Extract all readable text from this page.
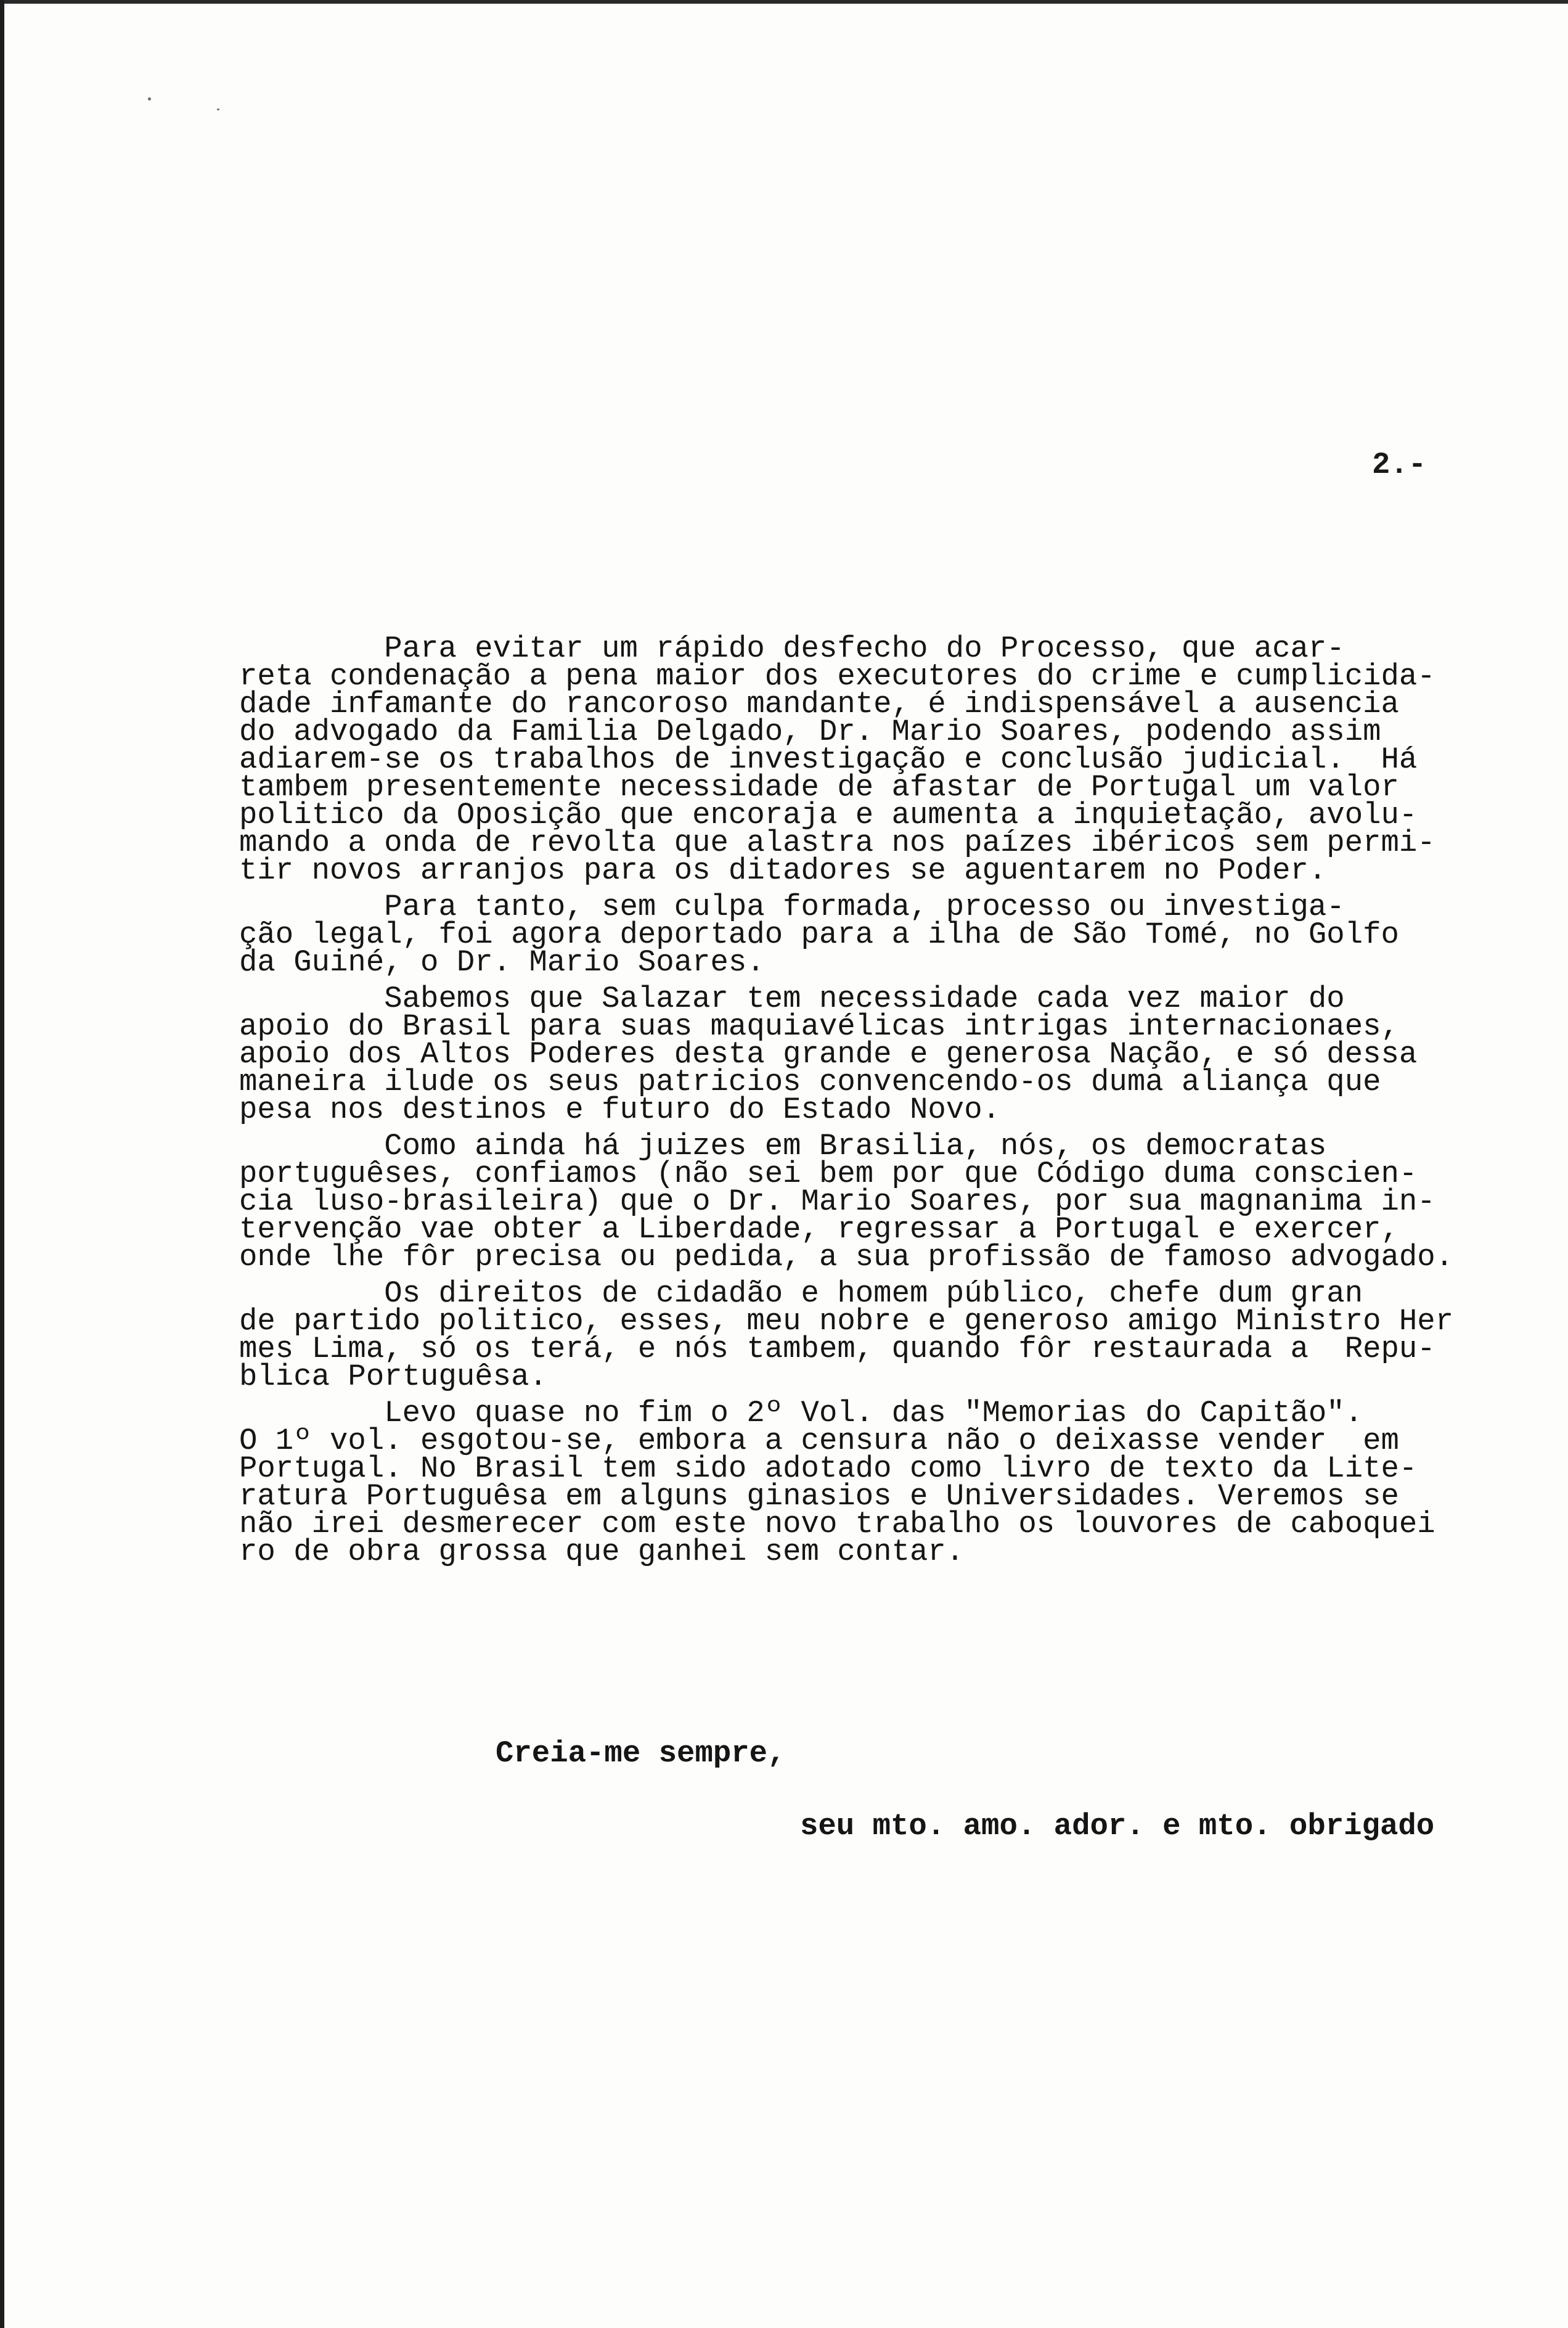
2.-
Para evitar um rápido desfecho do Processo, que acar-
reta condenação a pena maior dos executores do crime e cumplicida-
dade infamante do rancoroso mandante, é indispensável a ausencia
do advogado da Familia Delgado, Dr. Mario Soares, podendo assim
adiarem-se os trabalhos de investigação e conclusão judicial.  Há
tambem presentemente necessidade de afastar de Portugal um valor
politico da Oposição que encoraja e aumenta a inquietação, avolu-
mando a onda de revolta que alastra nos paízes ibéricos sem permi-
tir novos arranjos para os ditadores se aguentarem no Poder.
Para tanto, sem culpa formada, processo ou investiga-
ção legal, foi agora deportado para a ilha de São Tomé, no Golfo
da Guiné, o Dr. Mario Soares.
Sabemos que Salazar tem necessidade cada vez maior do
apoio do Brasil para suas maquiavélicas intrigas internacionaes,
apoio dos Altos Poderes desta grande e generosa Nação, e só dessa
maneira ilude os seus patricios convencendo-os duma aliança que
pesa nos destinos e futuro do Estado Novo.
Como ainda há juizes em Brasilia, nós, os democratas
portuguêses, confiamos (não sei bem por que Código duma conscien-
cia luso-brasileira) que o Dr. Mario Soares, por sua magnanima in-
tervenção vae obter a Liberdade, regressar a Portugal e exercer,
onde lhe fôr precisa ou pedida, a sua profissão de famoso advogado.
Os direitos de cidadão e homem público, chefe dum gran
de partido politico, esses, meu nobre e generoso amigo Ministro Her
mes Lima, só os terá, e nós tambem, quando fôr restaurada a  Repu-
blica Portuguêsa.
Levo quase no fim o 2º Vol. das "Memorias do Capitão".
O 1º vol. esgotou-se, embora a censura não o deixasse vender  em
Portugal. No Brasil tem sido adotado como livro de texto da Lite-
ratura Portuguêsa em alguns ginasios e Universidades. Veremos se
não irei desmerecer com este novo trabalho os louvores de caboquei
ro de obra grossa que ganhei sem contar.
Creia-me sempre,
seu mto. amo. ador. e mto. obrigado
